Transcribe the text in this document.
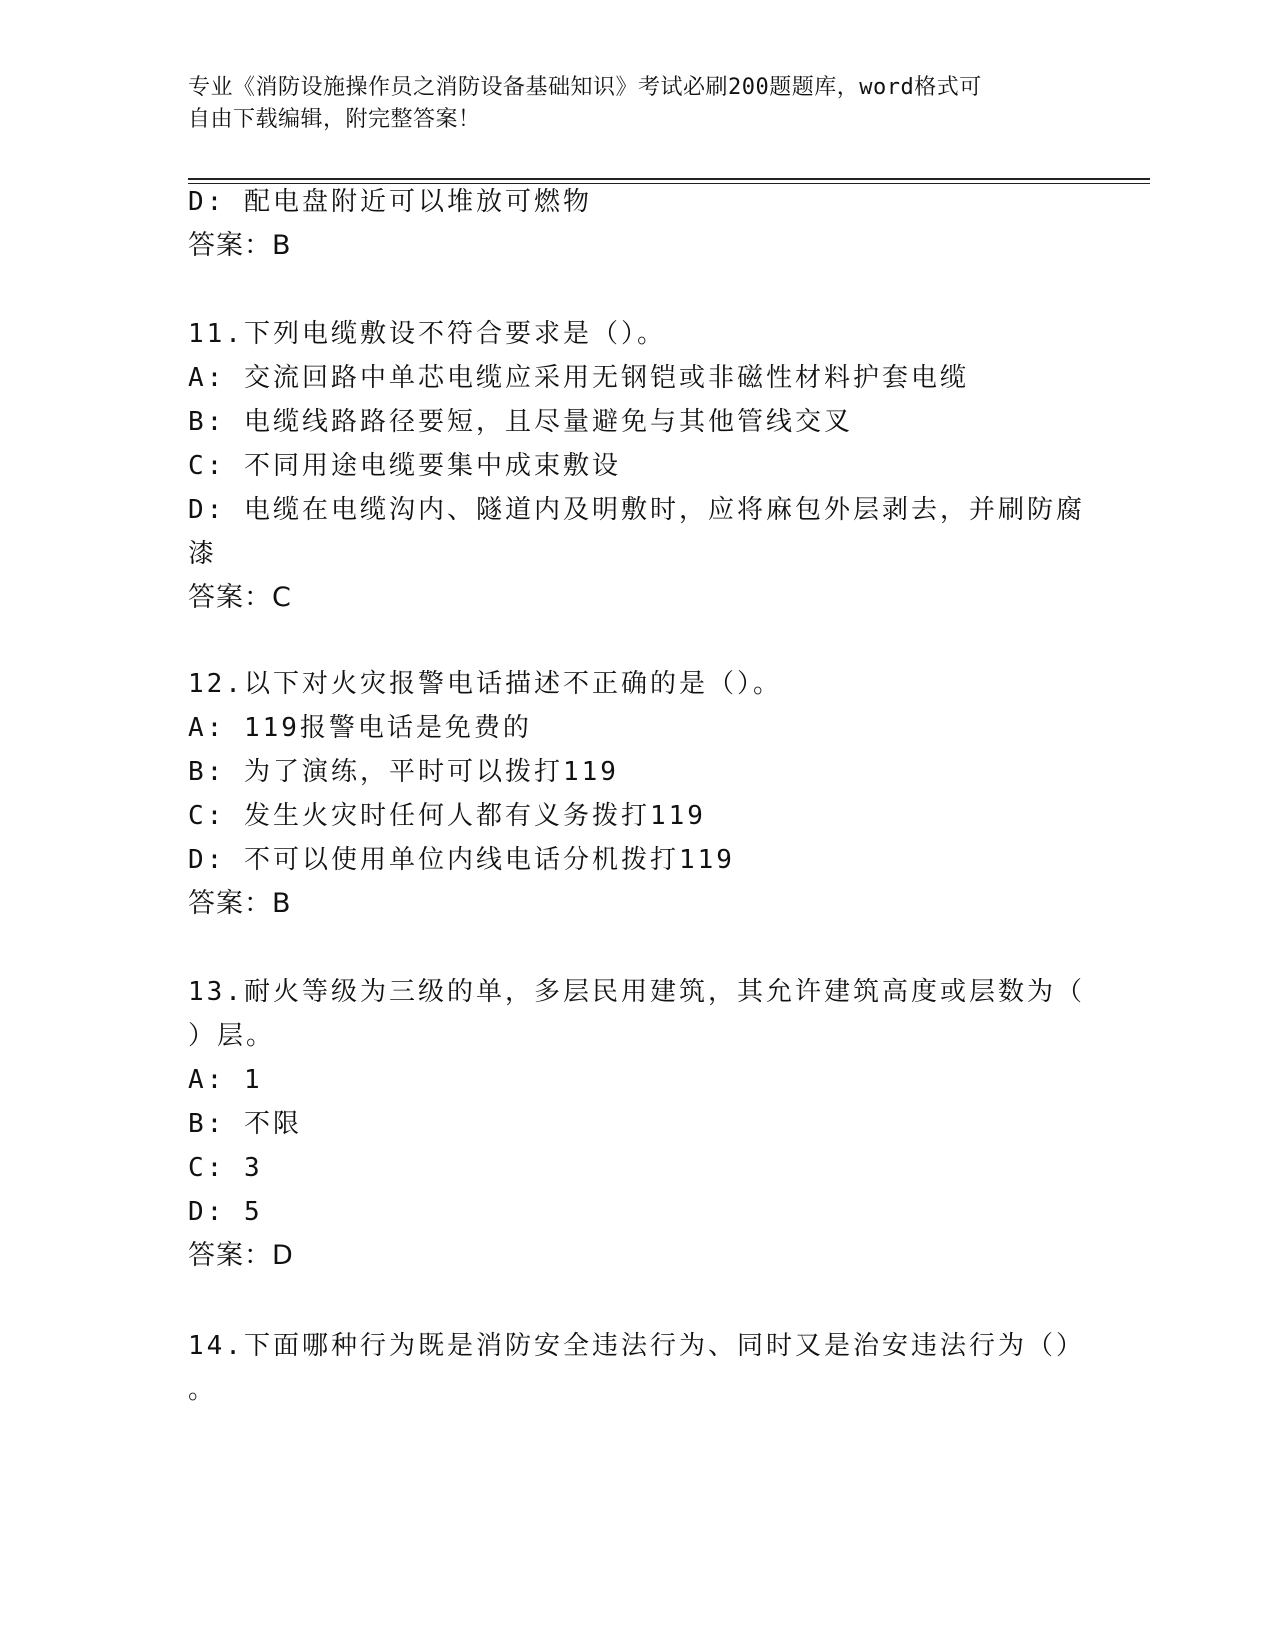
专业《消防设施操作员之消防设备基础知识》考试必刷200题题库，word格式可
自由下载编辑，附完整答案！
D: 配电盘附近可以堆放可燃物
答案：B
11.下列电缆敷设不符合要求是（）。
A: 交流回路中单芯电缆应采用无钢铠或非磁性材料护套电缆
B: 电缆线路路径要短，且尽量避免与其他管线交叉
C: 不同用途电缆要集中成束敷设
D: 电缆在电缆沟内、隧道内及明敷时，应将麻包外层剥去，并刷防腐
漆
答案：C
12.以下对火灾报警电话描述不正确的是（）。
A: 119报警电话是免费的
B: 为了演练，平时可以拨打119
C: 发生火灾时任何人都有义务拨打119
D: 不可以使用单位内线电话分机拨打119
答案：B
13.耐火等级为三级的单，多层民用建筑，其允许建筑高度或层数为（
）层。
A: 1
B: 不限
C: 3
D: 5
答案：D
14.下面哪种行为既是消防安全违法行为、同时又是治安违法行为（）
。
